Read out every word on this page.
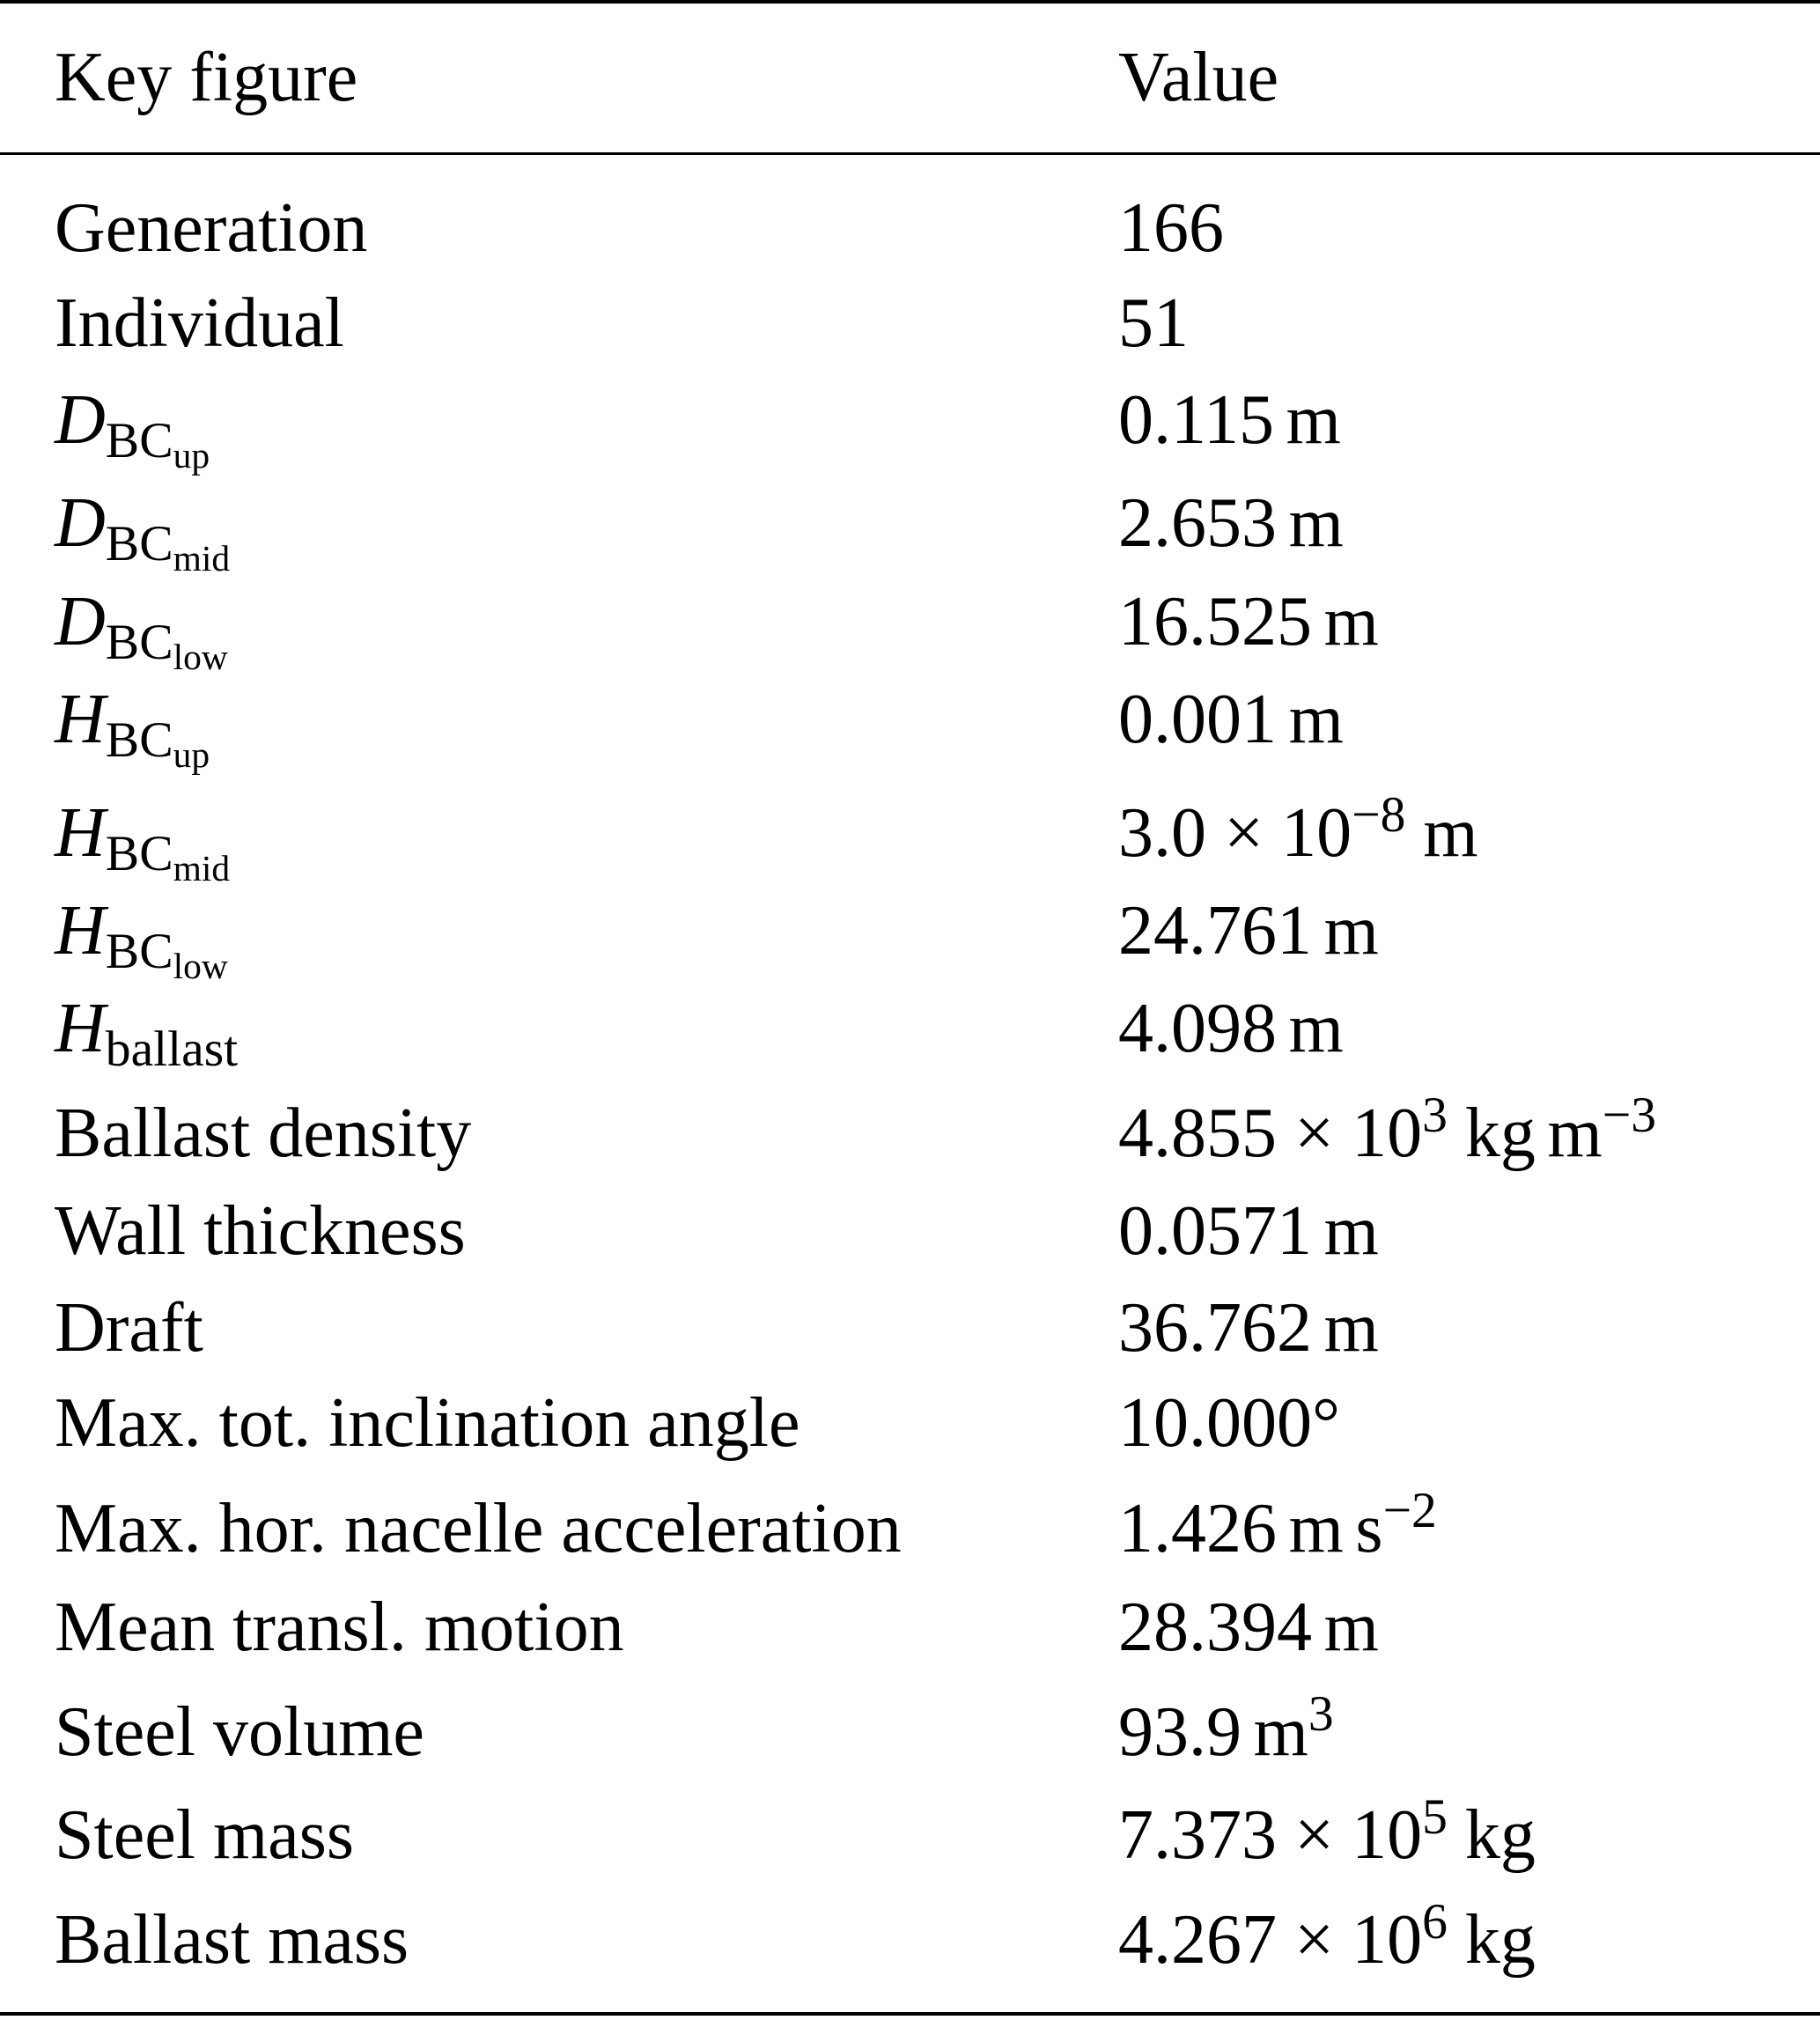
Key figure	Value
Generation	166
Individual	51
$D_{BC_{up}}$	0.115 m
$D_{BC_{mid}}$	2.653 m
$D_{BC_{low}}$	16.525 m
$H_{BC_{up}}$	0.001 m
$H_{BC_{mid}}$	$3.0 \times 10^{-8}$ m
$H_{BC_{low}}$	24.761 m
$H_{ballast}$	4.098 m
Ballast density	$4.855 \times 10^3$ kg $m^{-3}$
Wall thickness	0.0571 m
Draft	36.762 m
Max. tot. inclination angle	10.000°
Max. hor. nacelle acceleration	1.426 m $s^{-2}$
Mean transl. motion	28.394 m
Steel volume	93.9 $m^3$
Steel mass	$7.373 \times 10^5$ kg
Ballast mass	$4.267 \times 10^6$ kg
